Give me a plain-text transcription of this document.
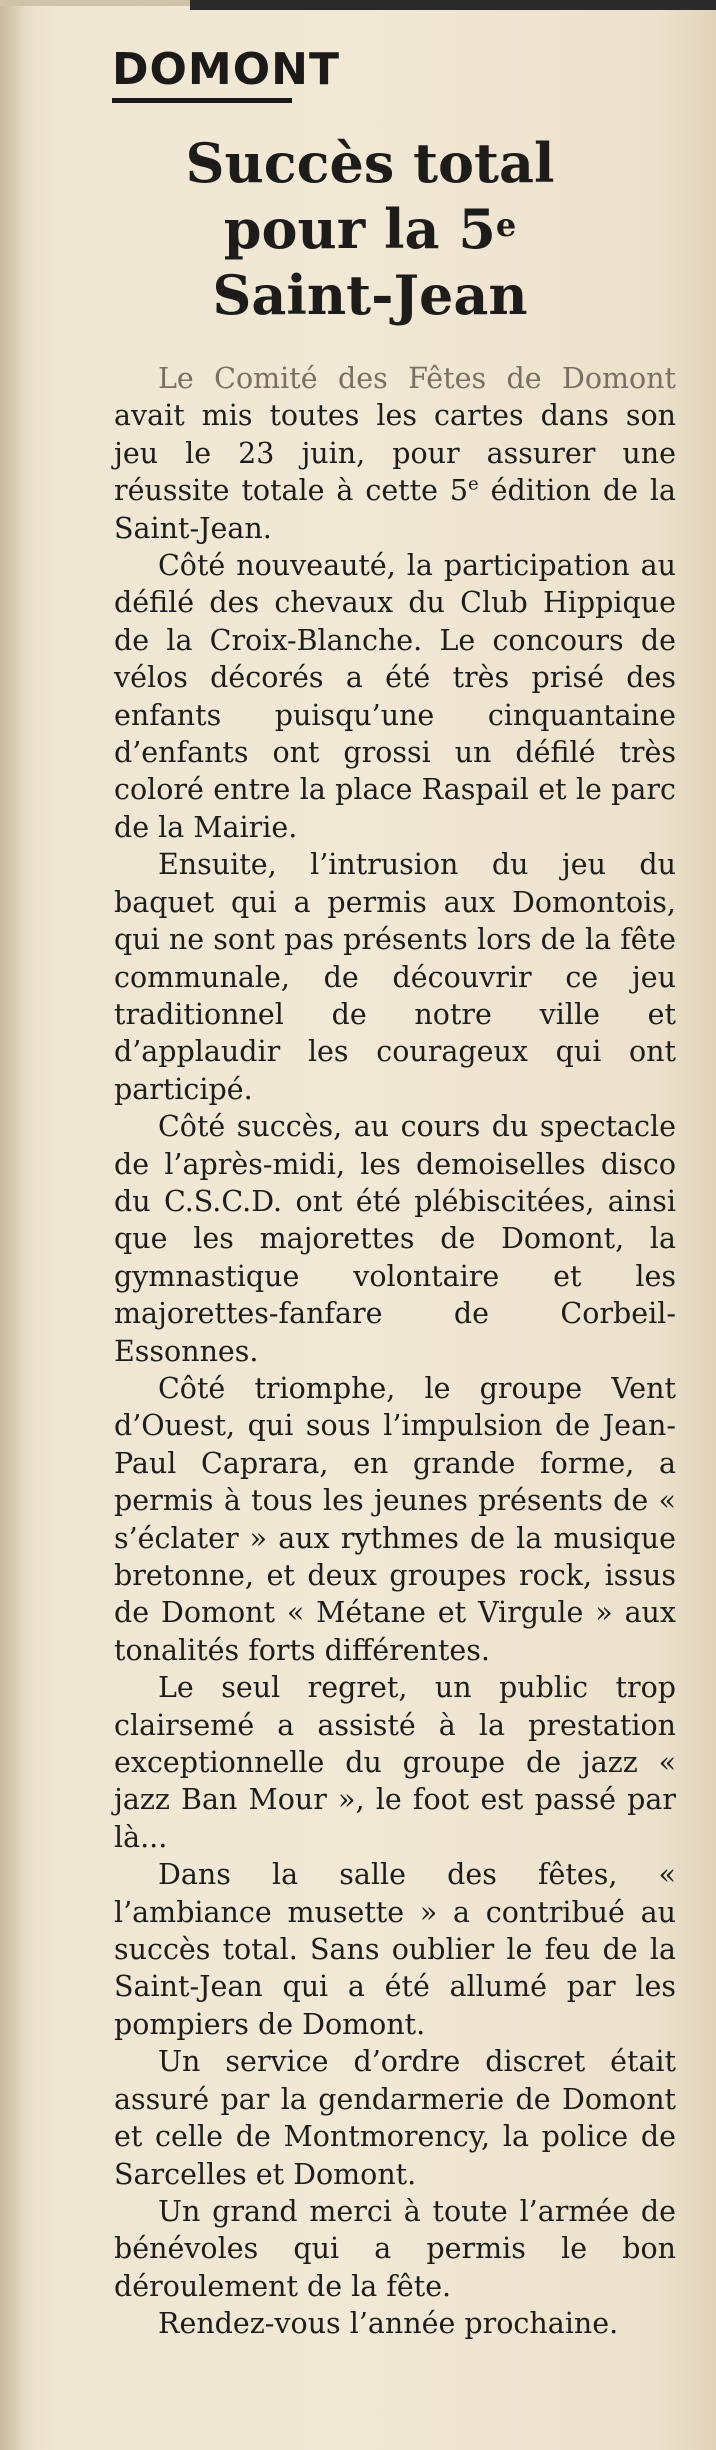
DOMONT
Succès total
pour la 5e
Saint-Jean

Le Comité des Fêtes de Domont avait mis toutes les cartes dans son jeu le 23 juin, pour assurer une réussite totale à cette 5e édition de la Saint-Jean.

Côté nouveauté, la participation au défilé des chevaux du Club Hippique de la Croix-Blanche. Le concours de vélos décorés a été très prisé des enfants puisqu’une cinquantaine d’enfants ont grossi un défilé très coloré entre la place Raspail et le parc de la Mairie.

Ensuite, l’intrusion du jeu du baquet qui a permis aux Domontois, qui ne sont pas présents lors de la fête communale, de découvrir ce jeu traditionnel de notre ville et d’applaudir les courageux qui ont participé.

Côté succès, au cours du spectacle de l’après-midi, les demoiselles disco du C.S.C.D. ont été plébiscitées, ainsi que les majorettes de Domont, la gymnastique volontaire et les majorettes-fanfare de Corbeil-Essonnes.

Côté triomphe, le groupe Vent d’Ouest, qui sous l’impulsion de Jean-Paul Caprara, en grande forme, a permis à tous les jeunes présents de « s’éclater » aux rythmes de la musique bretonne, et deux groupes rock, issus de Domont « Métane et Virgule » aux tonalités forts différentes.

Le seul regret, un public trop clairsemé a assisté à la prestation exceptionnelle du groupe de jazz « jazz Ban Mour », le foot est passé par là...

Dans la salle des fêtes, « l’ambiance musette » a contribué au succès total. Sans oublier le feu de la Saint-Jean qui a été allumé par les pompiers de Domont.

Un service d’ordre discret était assuré par la gendarmerie de Domont et celle de Montmorency, la police de Sarcelles et Domont.

Un grand merci à toute l’armée de bénévoles qui a permis le bon déroulement de la fête.

Rendez-vous l’année prochaine.
